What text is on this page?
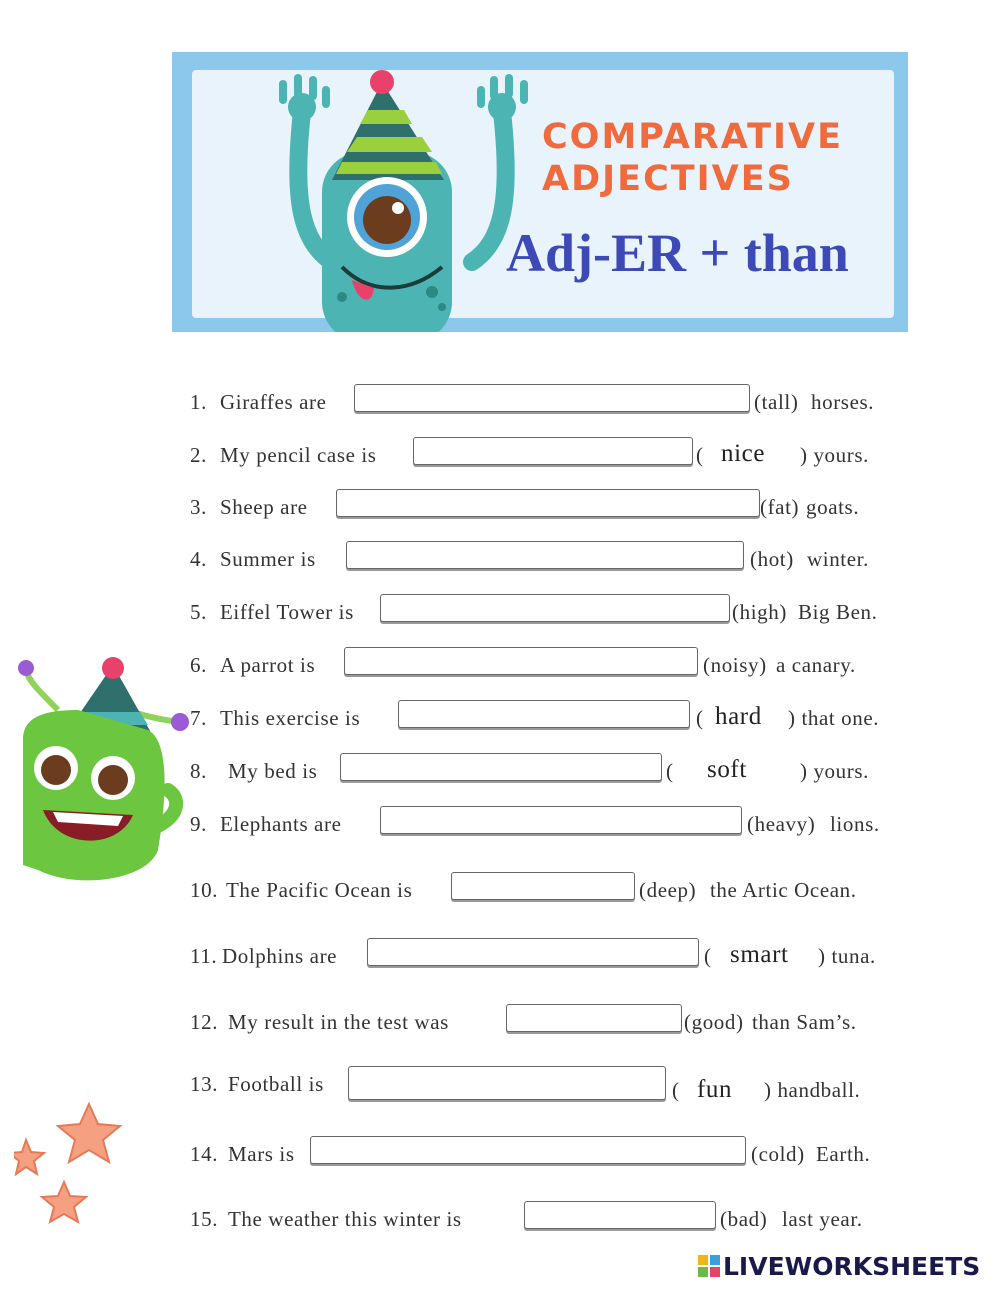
COMPARATIVE
ADJECTIVES
Adj-ER + than
1. Giraffes are	(tall) horses.
2. My pencil case is	( nice ) yours.
3. Sheep are	(fat) goats.
4. Summer is	(hot) winter.
5. Eiffel Tower is	(high) Big Ben.
6. A parrot is	(noisy) a canary.
7. This exercise is	( hard ) that one.
8. My bed is	( soft	) yours.
9. Elephants are	(heavy) lions.
10. The Pacific Ocean is	(deep) the Artic Ocean.
11. Dolphins are	( smart ) tuna.
12. My result in the test was	(good) than Sam’s.
13. Football is	( fun ) handball.
14. Mars is	(cold) Earth.
15. The weather this winter is	(bad) last year.
LIVEWORKSHEETS
